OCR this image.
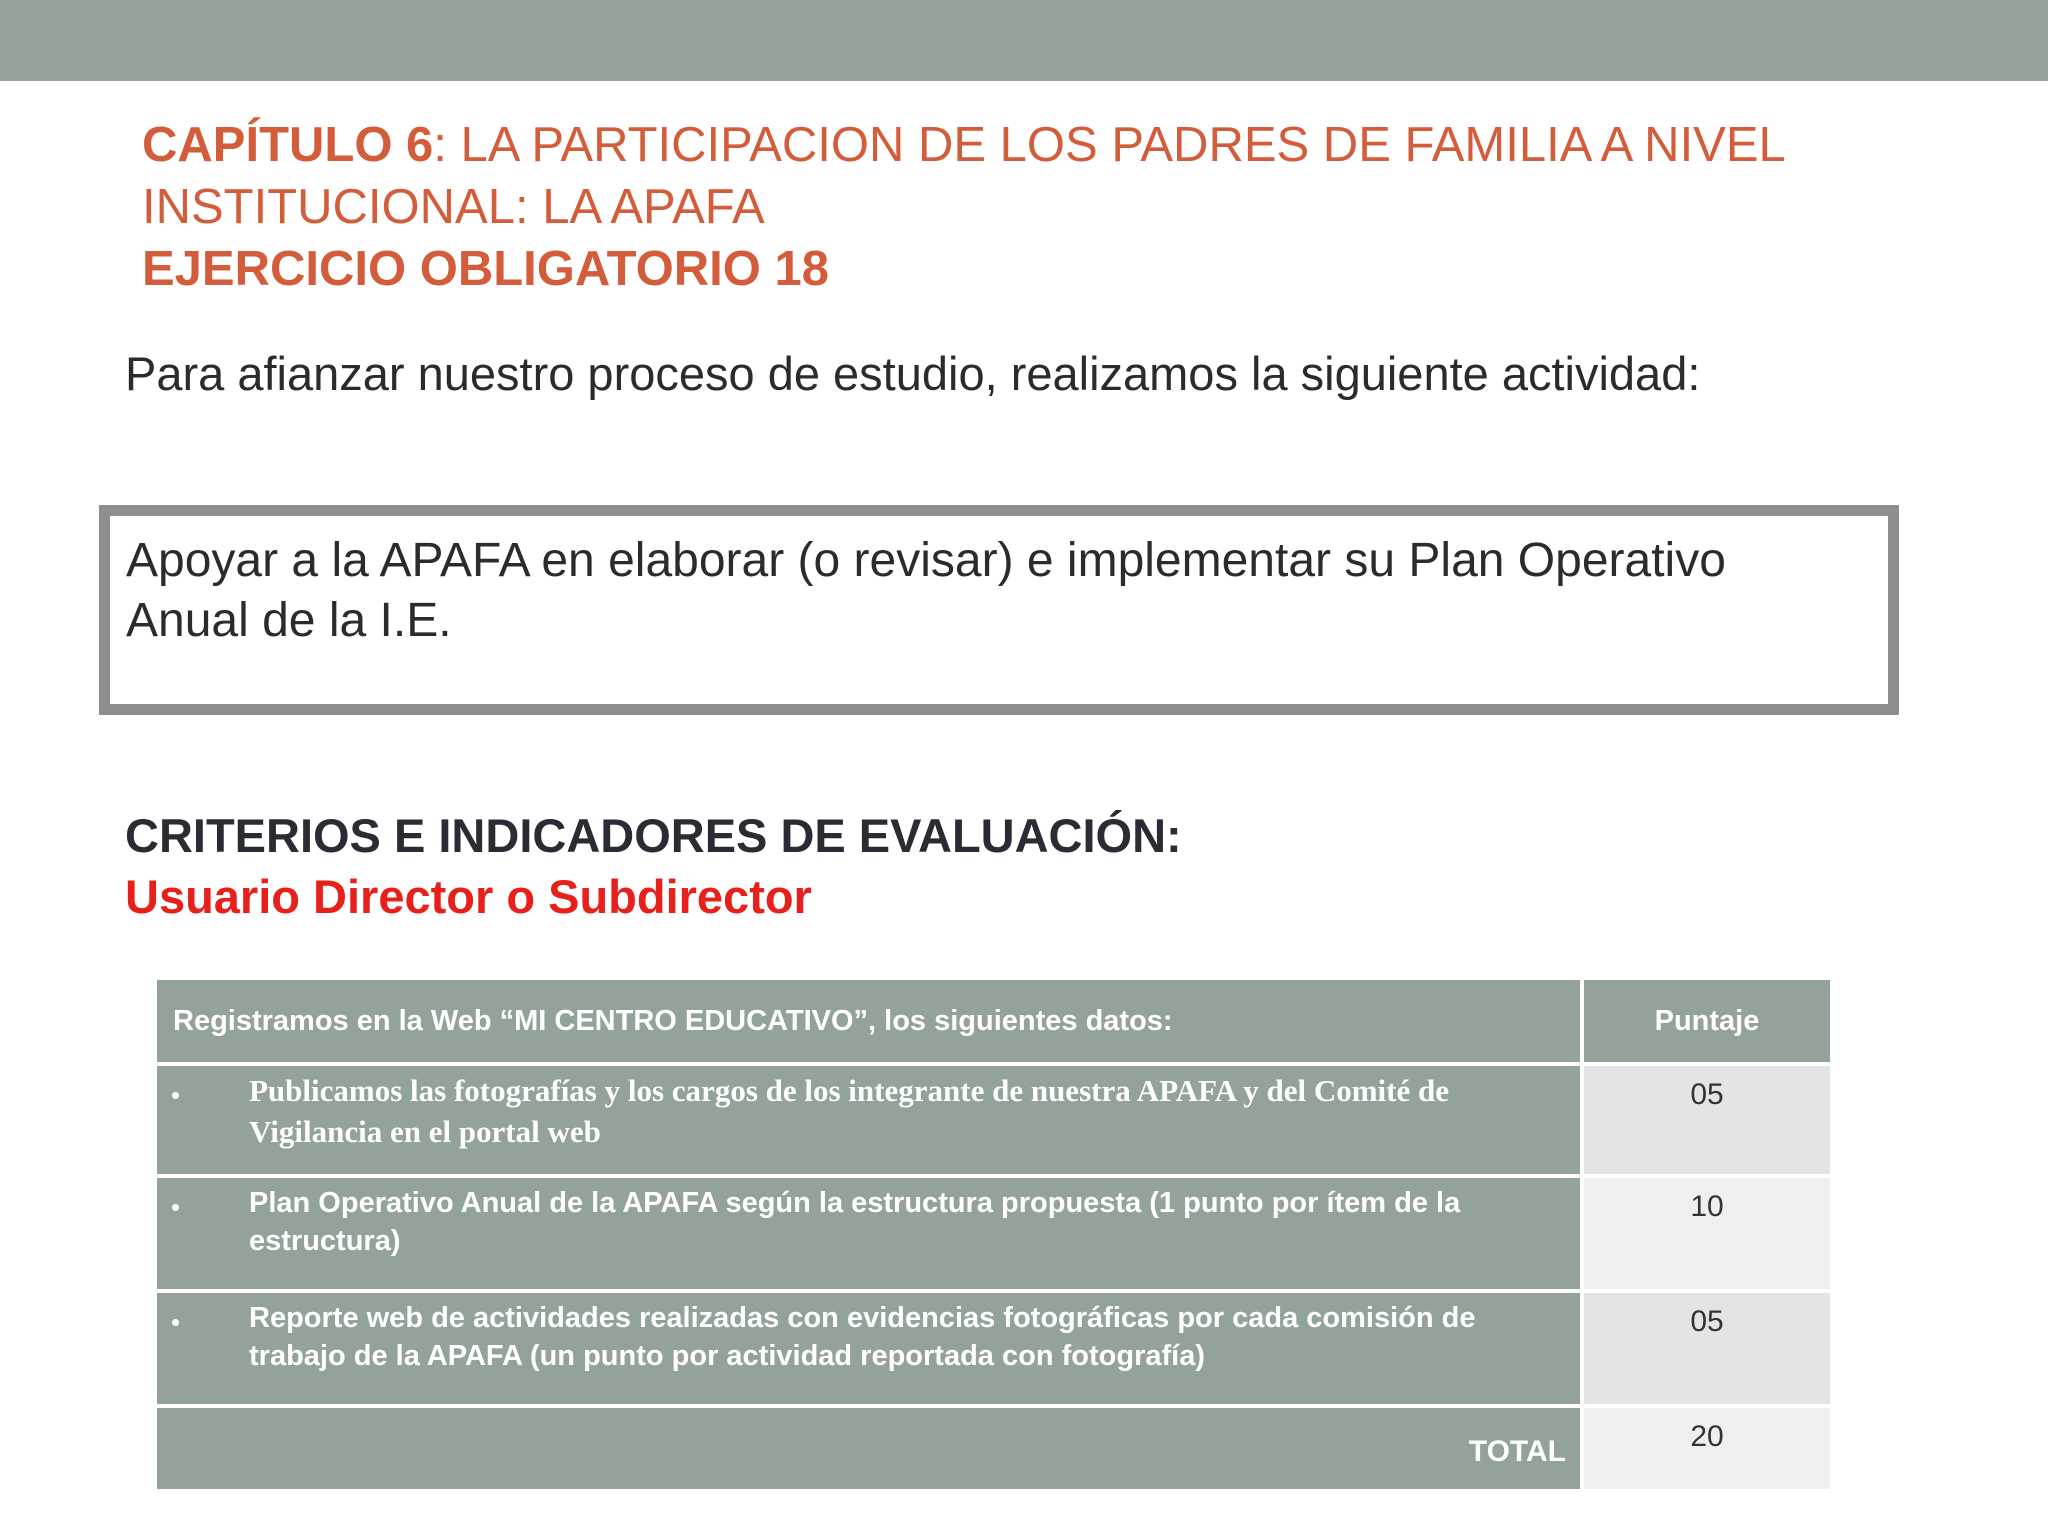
CAPÍTULO 6: LA PARTICIPACION DE LOS PADRES DE FAMILIA A NIVEL
INSTITUCIONAL: LA APAFA
EJERCICIO OBLIGATORIO 18
Para afianzar nuestro proceso de estudio, realizamos la siguiente actividad:
Apoyar a la APAFA en elaborar (o revisar) e implementar su Plan Operativo
Anual de la I.E.
CRITERIOS E INDICADORES DE EVALUACIÓN:
Usuario Director o Subdirector
Registramos en la Web “MI CENTRO EDUCATIVO”, los siguientes datos:	Puntaje

• Publicamos las fotografías y los cargos de los integrante de nuestra APAFA y del Comité de Vigilancia en el portal web	05

• Plan Operativo Anual de la APAFA según la estructura propuesta (1 punto por ítem de la estructura)	10

• Reporte web de actividades realizadas con evidencias fotográficas por cada comisión de trabajo de la APAFA (un punto por actividad reportada con fotografía)	05
TOTAL	20
